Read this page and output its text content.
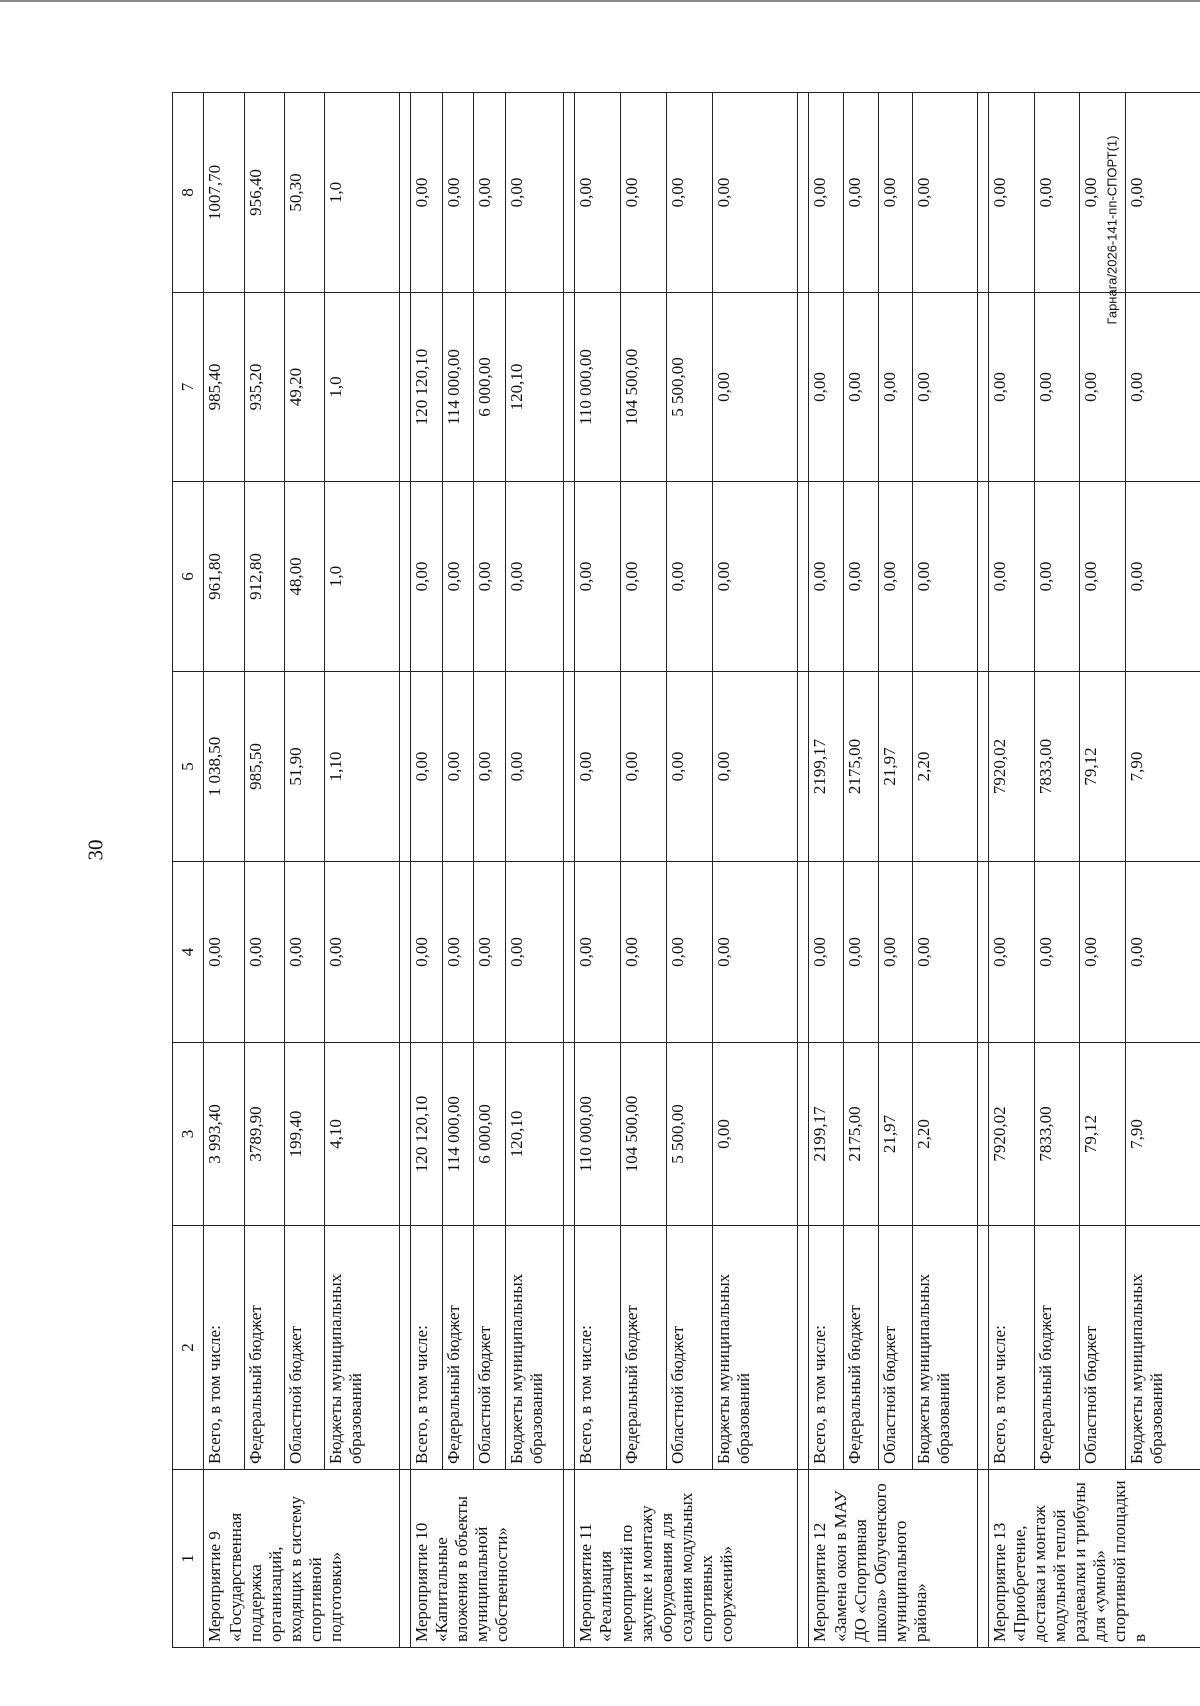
30
1	2	3	4	5	6	7	8
Мероприятие 9 «Государственная поддержка организаций, входящих в систему спортивной подготовки»	Всего, в том числе:	3 993,40	0,00	1 038,50	961,80	985,40	1007,70
	Федеральный бюджет	3789,90	0,00	985,50	912,80	935,20	956,40
	Областной бюджет	199,40	0,00	51,90	48,00	49,20	50,30
	Бюджеты муниципальных образований	4,10	0,00	1,10	1,0	1,0	1,0

Мероприятие 10 «Капитальные вложения в объекты муниципальной собственности»	Всего, в том числе:	120 120,10	0,00	0,00	0,00	120 120,10	0,00
	Федеральный бюджет	114 000,00	0,00	0,00	0,00	114 000,00	0,00
	Областной бюджет	6 000,00	0,00	0,00	0,00	6 000,00	0,00
	Бюджеты муниципальных образований	120,10	0,00	0,00	0,00	120,10	0,00

Мероприятие 11 «Реализация мероприятий по закупке и монтажу оборудования для создания модульных спортивных сооружений»	Всего, в том числе:	110 000,00	0,00	0,00	0,00	110 000,00	0,00
	Федеральный бюджет	104 500,00	0,00	0,00	0,00	104 500,00	0,00
	Областной бюджет	5 500,00	0,00	0,00	0,00	5 500,00	0,00
	Бюджеты муниципальных образований	0,00	0,00	0,00	0,00	0,00	0,00

Мероприятие 12 «Замена окон в МАУ ДО «Спортивная школа» Облученского муниципального района»	Всего, в том числе:	2199,17	0,00	2199,17	0,00	0,00	0,00
	Федеральный бюджет	2175,00	0,00	2175,00	0,00	0,00	0,00
	Областной бюджет	21,97	0,00	21,97	0,00	0,00	0,00
	Бюджеты муниципальных образований	2,20	0,00	2,20	0,00	0,00	0,00

Мероприятие 13 «Приобретение, доставка и монтаж модульной теплой раздевалки и трибуны для «умной» спортивной площадки в	Всего, в том числе:	7920,02	0,00	7920,02	0,00	0,00	0,00
	Федеральный бюджет	7833,00	0,00	7833,00	0,00	0,00	0,00
	Областной бюджет	79,12	0,00	79,12	0,00	0,00	0,00
	Бюджеты муниципальных образований	7,90	0,00	7,90	0,00	0,00	0,00
Гарнага/2026-141-пп-СПОРТ(1)
